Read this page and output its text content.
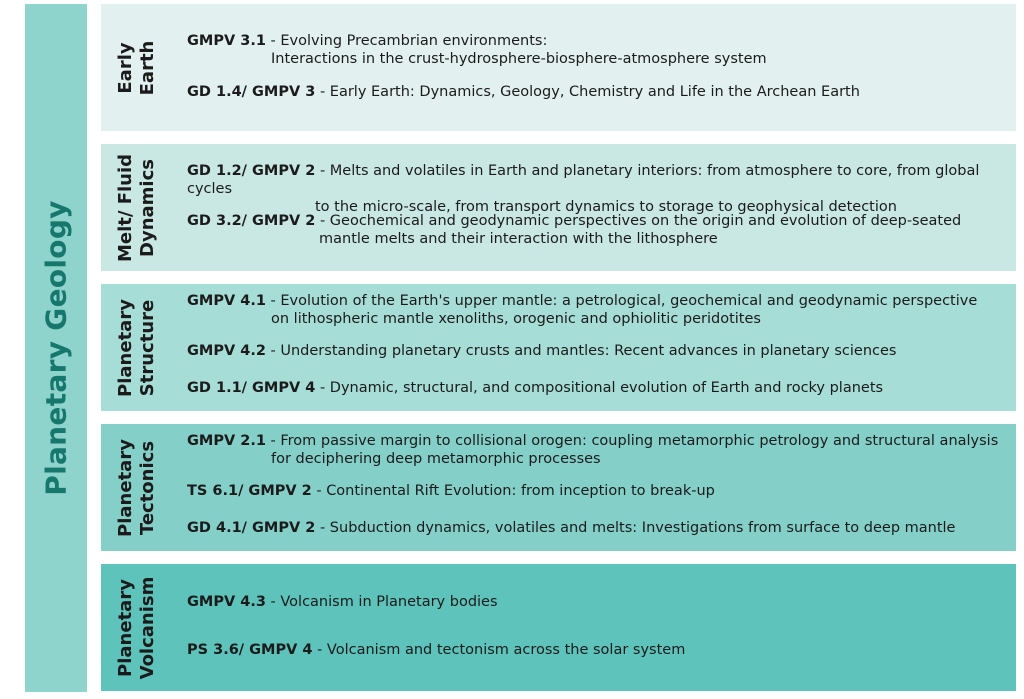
Planetary Geology
Early Earth GMPV 3.1 - Evolving Precambrian environments:
Interactions in the crust-hydrosphere-biosphere-atmosphere system
GD 1.4/ GMPV 3 - Early Earth: Dynamics, Geology, Chemistry and Life in the Archean Earth
Melt/ Fluid Dynamics GD 1.2/ GMPV 2 - Melts and volatiles in Earth and planetary interiors: from atmosphere to core, from global cycles
to the micro-scale, from transport dynamics to storage to geophysical detection
GD 3.2/ GMPV 2 - Geochemical and geodynamic perspectives on the origin and evolution of deep-seated
mantle melts and their interaction with the lithosphere
Planetary Structure GMPV 4.1 - Evolution of the Earth's upper mantle: a petrological, geochemical and geodynamic perspective
on lithospheric mantle xenoliths, orogenic and ophiolitic peridotites
GMPV 4.2 - Understanding planetary crusts and mantles: Recent advances in planetary sciences
GD 1.1/ GMPV 4 - Dynamic, structural, and compositional evolution of Earth and rocky planets
Planetary Tectonics GMPV 2.1 - From passive margin to collisional orogen: coupling metamorphic petrology and structural analysis
for deciphering deep metamorphic processes
TS 6.1/ GMPV 2 - Continental Rift Evolution: from inception to break-up
GD 4.1/ GMPV 2 - Subduction dynamics, volatiles and melts: Investigations from surface to deep mantle
Planetary Volcanism GMPV 4.3 - Volcanism in Planetary bodies
PS 3.6/ GMPV 4 - Volcanism and tectonism across the solar system
